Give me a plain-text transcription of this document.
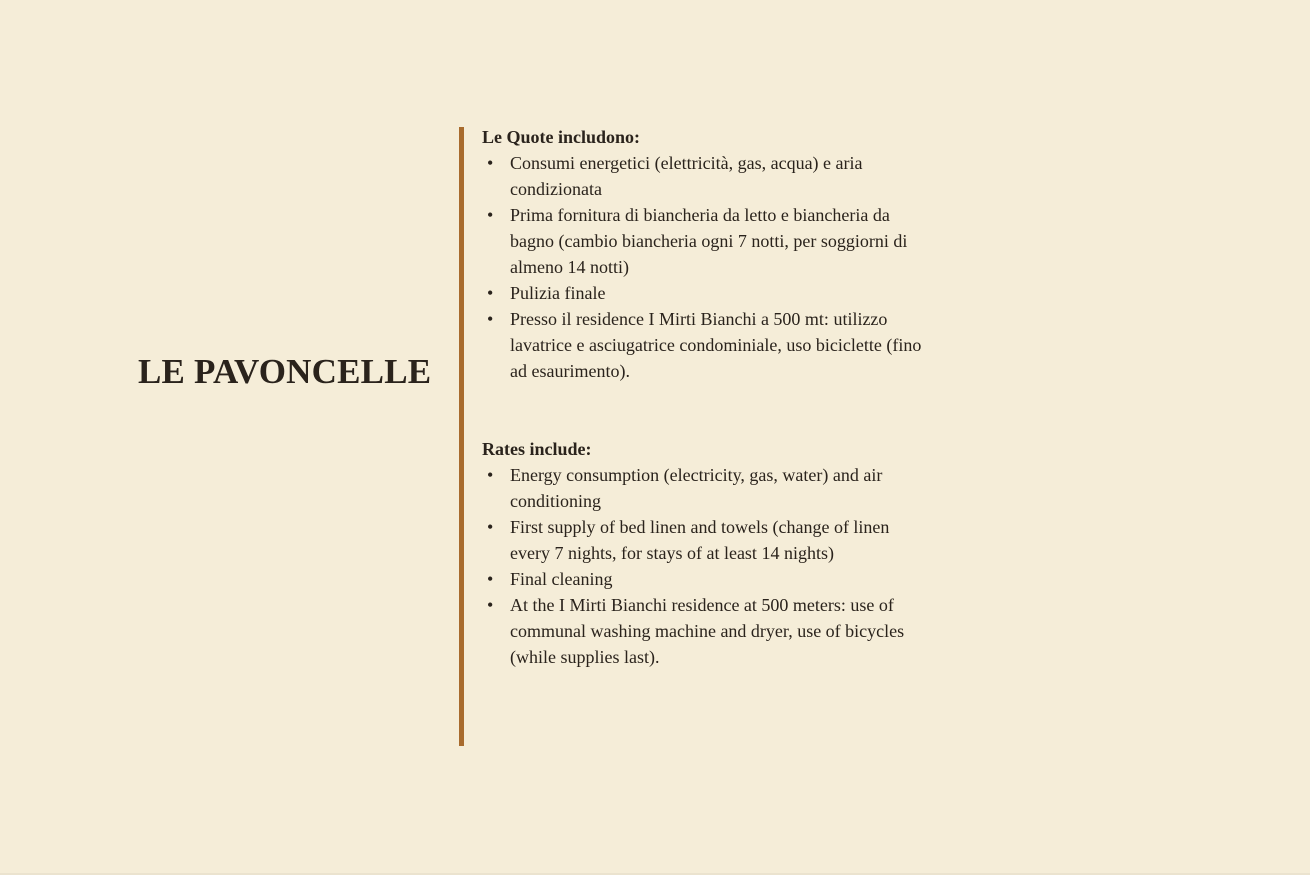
LE PAVONCELLE
Le Quote includono:
• Consumi energetici (elettricità, gas, acqua) e aria condizionata
• Prima fornitura di biancheria da letto e biancheria da bagno (cambio biancheria ogni 7 notti, per soggiorni di almeno 14 notti)
• Pulizia finale
• Presso il residence I Mirti Bianchi a 500 mt: utilizzo lavatrice e asciugatrice condominiale, uso biciclette (fino ad esaurimento).
Rates include:
• Energy consumption (electricity, gas, water) and air conditioning
• First supply of bed linen and towels (change of linen every 7 nights, for stays of at least 14 nights)
• Final cleaning
• At the I Mirti Bianchi residence at 500 meters: use of communal washing machine and dryer, use of bicycles (while supplies last).
